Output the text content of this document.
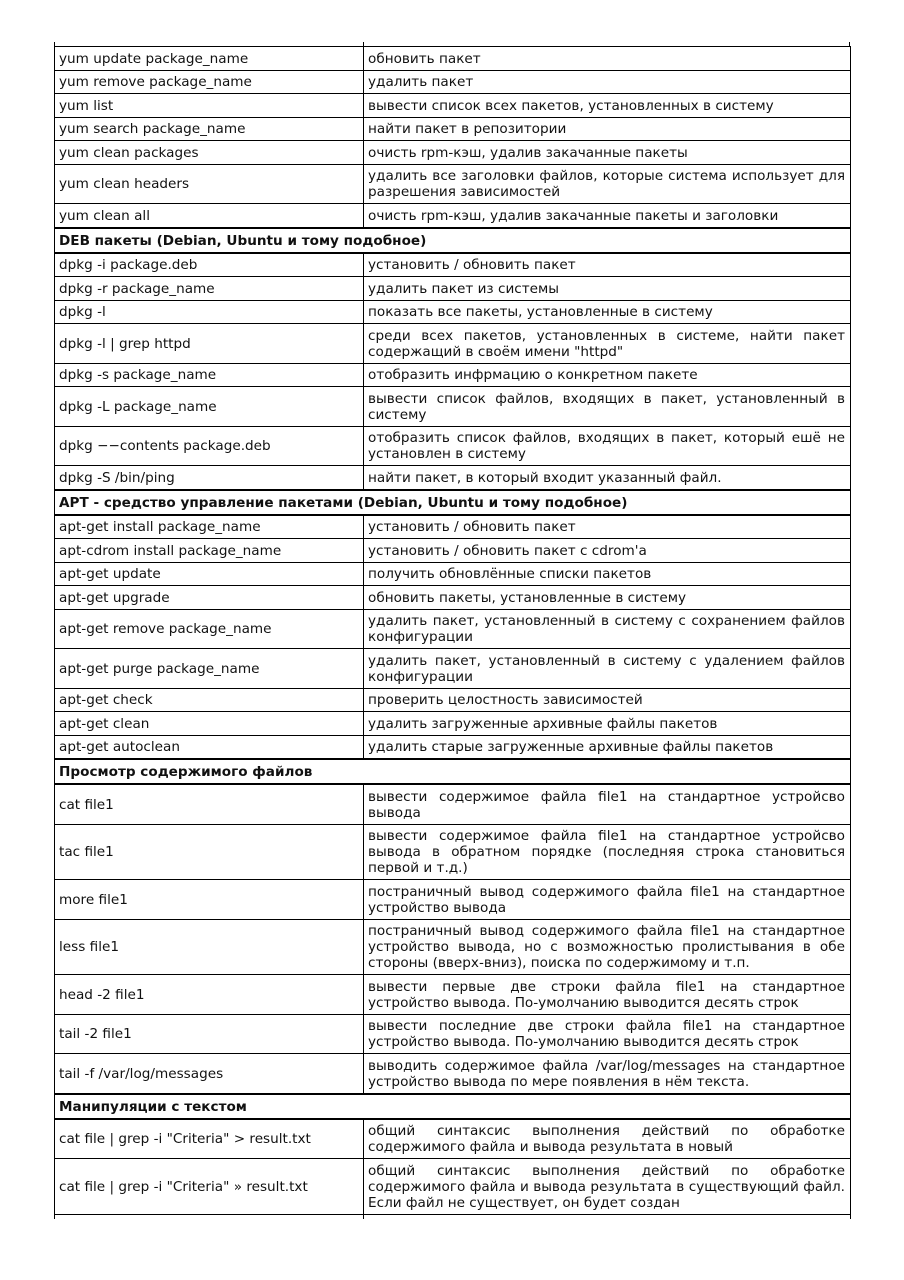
yum update package_name	обновить пакет
yum remove package_name	удалить пакет
yum list	вывести список всех пакетов, установленных в систему
yum search package_name	найти пакет в репозитории
yum clean packages	очисть rpm-кэш, удалив закачанные пакеты
yum clean headers	удалить все заголовки файлов, которые система использует для разрешения зависимостей
yum clean all	очисть rpm-кэш, удалив закачанные пакеты и заголовки
DEB пакеты (Debian, Ubuntu и тому подобное)	
dpkg -i package.deb	установить / обновить пакет
dpkg -r package_name	удалить пакет из системы
dpkg -l	показать все пакеты, установленные в систему
dpkg -l | grep httpd	среди всех пакетов, установленных в системе, найти пакет содержащий в своём имени "httpd"
dpkg -s package_name	отобразить инфрмацию о конкретном пакете
dpkg -L package_name	вывести список файлов, входящих в пакет, установленный в систему
dpkg −−contents package.deb	отобразить список файлов, входящих в пакет, который ешё не установлен в систему
dpkg -S /bin/ping	найти пакет, в который входит указанный файл.
APT - средство управление пакетами (Debian, Ubuntu и тому подобное)	
apt-get install package_name	установить / обновить пакет
apt-cdrom install package_name	установить / обновить пакет с cdrom'а
apt-get update	получить обновлённые списки пакетов
apt-get upgrade	обновить пакеты, установленные в систему
apt-get remove package_name	удалить пакет, установленный в систему с сохранением файлов конфигурации
apt-get purge package_name	удалить пакет, установленный в систему с удалением файлов конфигурации
apt-get check	проверить целостность зависимостей
apt-get clean	удалить загруженные архивные файлы пакетов
apt-get autoclean	удалить старые загруженные архивные файлы пакетов
Просмотр содержимого файлов	
cat file1	вывести содержимое файла file1 на стандартное устройсво вывода
tac file1	вывести содержимое файла file1 на стандартное устройсво вывода в обратном порядке (последняя строка становиться первой и т.д.)
more file1	постраничный вывод содержимого файла file1 на стандартное устройство вывода
less file1	постраничный вывод содержимого файла file1 на стандартное устройство вывода, но с возможностью пролистывания в обе стороны (вверх-вниз), поиска по содержимому и т.п.
head -2 file1	вывести первые две строки файла file1 на стандартное устройство вывода. По-умолчанию выводится десять строк
tail -2 file1	вывести последние две строки файла file1 на стандартное устройство вывода. По-умолчанию выводится десять строк
tail -f /var/log/messages	выводить содержимое файла /var/log/messages на стандартное устройство вывода по мере появления в нём текста.
Манипуляции с текстом	
cat file | grep -i "Criteria" > result.txt	общий синтаксис выполнения действий по обработке содержимого файла и вывода результата в новый
cat file | grep -i "Criteria" » result.txt	общий синтаксис выполнения действий по обработке содержимого файла и вывода результата в существующий файл. Если файл не существует, он будет создан
